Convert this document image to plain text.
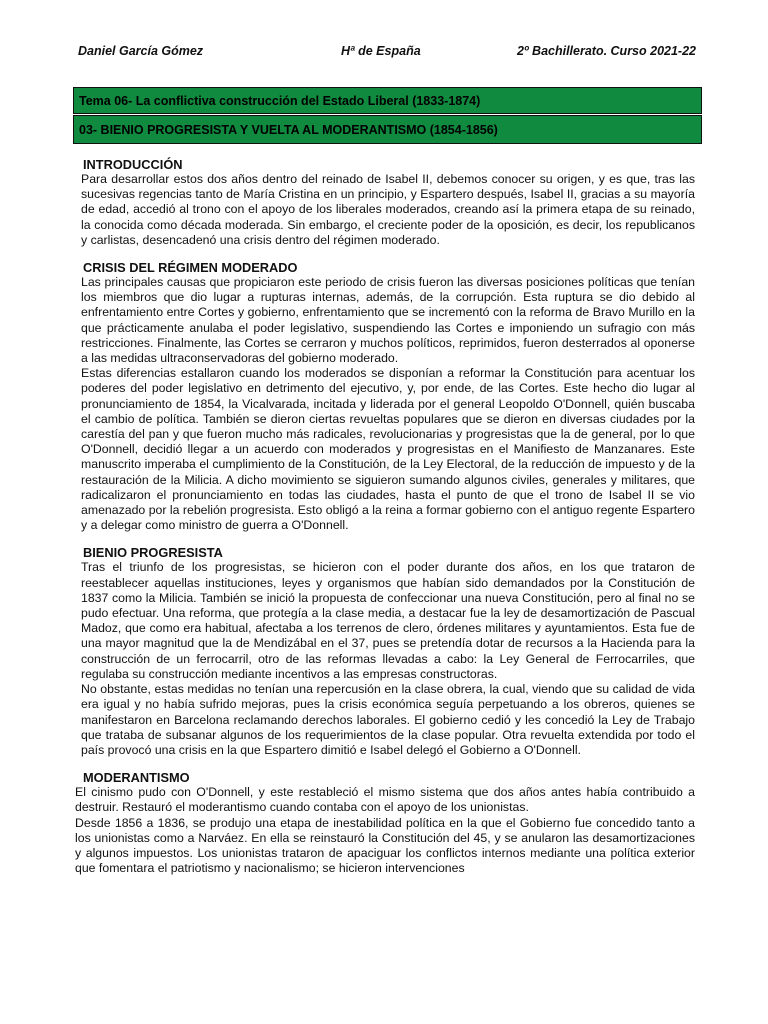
Daniel García Gómez	Hª de España	2º Bachillerato. Curso 2021-22
Tema 06- La conflictiva construcción del Estado Liberal (1833-1874)
03- BIENIO PROGRESISTA Y VUELTA AL MODERANTISMO (1854-1856)
INTRODUCCIÓN

Para desarrollar estos dos años dentro del reinado de Isabel II, debemos conocer su origen, y es que, tras las sucesivas regencias tanto de María Cristina en un principio, y Espartero después, Isabel II, gracias a su mayoría de edad, accedió al trono con el apoyo de los liberales moderados, creando así la primera etapa de su reinado, la conocida como década moderada. Sin embargo, el creciente poder de la oposición, es decir, los republicanos y carlistas, desencadenó una crisis dentro del régimen moderado.

CRISIS DEL RÉGIMEN MODERADO

Las principales causas que propiciaron este periodo de crisis fueron las diversas posiciones políticas que tenían los miembros que dio lugar a rupturas internas, además, de la corrupción. Esta ruptura se dio debido al enfrentamiento entre Cortes y gobierno, enfrentamiento que se incrementó con la reforma de Bravo Murillo en la que prácticamente anulaba el poder legislativo, suspendiendo las Cortes e imponiendo un sufragio con más restricciones. Finalmente, las Cortes se cerraron y muchos políticos, reprimidos, fueron desterrados al oponerse a las medidas ultraconservadoras del gobierno moderado.

Estas diferencias estallaron cuando los moderados se disponían a reformar la Constitución para acentuar los poderes del poder legislativo en detrimento del ejecutivo, y, por ende, de las Cortes. Este hecho dio lugar al pronunciamiento de 1854, la Vicalvarada, incitada y liderada por el general Leopoldo O'Donnell, quién buscaba el cambio de política. También se dieron ciertas revueltas populares que se dieron en diversas ciudades por la carestía del pan y que fueron mucho más radicales, revolucionarias y progresistas que la de general, por lo que O'Donnell, decidió llegar a un acuerdo con moderados y progresistas en el Manifiesto de Manzanares. Este manuscrito imperaba el cumplimiento de la Constitución, de la Ley Electoral, de la reducción de impuesto y de la restauración de la Milicia. A dicho movimiento se siguieron sumando algunos civiles, generales y militares, que radicalizaron el pronunciamiento en todas las ciudades, hasta el punto de que el trono de Isabel II se vio amenazado por la rebelión progresista. Esto obligó a la reina a formar gobierno con el antiguo regente Espartero y a delegar como ministro de guerra a O'Donnell.

BIENIO PROGRESISTA

Tras el triunfo de los progresistas, se hicieron con el poder durante dos años, en los que trataron de reestablecer aquellas instituciones, leyes y organismos que habían sido demandados por la Constitución de 1837 como la Milicia. También se inició la propuesta de confeccionar una nueva Constitución, pero al final no se pudo efectuar. Una reforma, que protegía a la clase media, a destacar fue la ley de desamortización de Pascual Madoz, que como era habitual, afectaba a los terrenos de clero, órdenes militares y ayuntamientos. Esta fue de una mayor magnitud que la de Mendizábal en el 37, pues se pretendía dotar de recursos a la Hacienda para la construcción de un ferrocarril, otro de las reformas llevadas a cabo: la Ley General de Ferrocarriles, que regulaba su construcción mediante incentivos a las empresas constructoras.

No obstante, estas medidas no tenían una repercusión en la clase obrera, la cual, viendo que su calidad de vida era igual y no había sufrido mejoras, pues la crisis económica seguía perpetuando a los obreros, quienes se manifestaron en Barcelona reclamando derechos laborales. El gobierno cedió y les concedió la Ley de Trabajo que trataba de subsanar algunos de los requerimientos de la clase popular. Otra revuelta extendida por todo el país provocó una crisis en la que Espartero dimitió e Isabel delegó el Gobierno a O'Donnell.

MODERANTISMO

El cinismo pudo con O'Donnell, y este restableció el mismo sistema que dos años antes había contribuido a destruir. Restauró el moderantismo cuando contaba con el apoyo de los unionistas.

Desde 1856 a 1836, se produjo una etapa de inestabilidad política en la que el Gobierno fue concedido tanto a los unionistas como a Narváez. En ella se reinstauró la Constitución del 45, y se anularon las desamortizaciones y algunos impuestos. Los unionistas trataron de apaciguar los conflictos internos mediante una política exterior que fomentara el patriotismo y nacionalismo; se hicieron intervenciones
